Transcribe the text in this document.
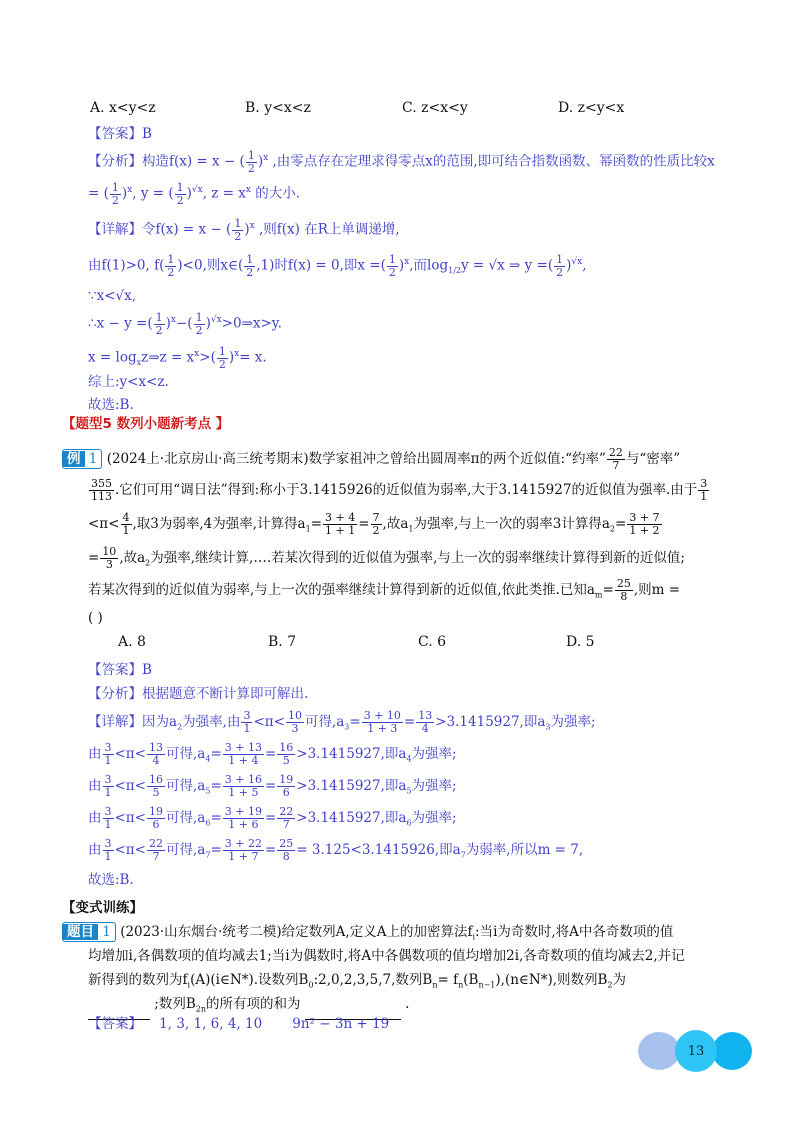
A. x<y<z	B. y<x<z	C. z<x<y	D. z<y<x
【答案】B
【分析】构造f(x) = x − ( $\frac{1}{2} )^x$ ,由零点存在定理求得零点x的范围,即可结合指数函数、幂函数的性质比较x
= ( $\frac{1}{2} )^x$, y = ( $\frac{1}{2} )^{√x}$, $z = x^x$ 的大小.
【详解】令f(x) = x − ( $\frac{1}{2} )^x$ ,则f(x) 在R上单调递增,
由f(1)>0, $f( \frac{1}{2} )<0$,则x∈( $\frac{1}{2} ,1$)时f(x) = 0,即x =( $\frac{1}{2} )^x$,而$\log_{1/2}y = √x$ ⇒ y =( $\frac{1}{2} )^{√x}$,
∵x<√x,
∴x − y =( $\frac{1}{2} )^x-( \frac{1}{2}$ )$^{√x}>0\Rightarrow x>y$.
$x = \log_xz\Rightarrow z = x^x>( \frac{1}{2} )^x= x$.
综上:y<x<z.
故选:B.
【题型5 数列小题新考点 】
例 1 (2024上·北京房山·高三统考期末)数学家祖冲之曾给出圆周率π的两个近似值:“约率” $\frac{22}{7}$ 与“密率”
$\frac{355}{113}$ .它们可用“调日法”得到:称小于3.1415926的近似值为弱率,大于3.1415927的近似值为强率.由于 $\frac{3}{1}$
$<\pi< \frac{4}{1}$ ,取3为弱率,4为强率,计算得$a_1= \frac{3 + 4}{1 + 1} = \frac{7}{2}$ ,故$a_1$为强率,与上一次的弱率3计算得$a_2= \frac{3 + 7}{1 + 2}$
= $\frac{10}{3}$ ,故$a_2$为强率,继续计算,….若某次得到的近似值为强率,与上一次的弱率继续计算得到新的近似值;
若某次得到的近似值为弱率,与上一次的强率继续计算得到新的近似值,依此类推.已知$a_m= \frac{25}{8}$ ,则m =
( )
A. 8	B. 7	C. 6	D. 5
【答案】B
【分析】根据题意不断计算即可解出.
【详解】因为$a_2$为强率,由 $\frac{3}{1} <\pi< \frac{10}{3}$ 可得$,a_3= \frac{3 + 10}{1 + 3} = \frac{13}{4} >3.1415927$,即$a_3$为强率;
由 $\frac{3}{1} <\pi< \frac{13}{4}$ 可得$,a_4= \frac{3 + 13}{1 + 4} = \frac{16}{5} >3.1415927$,即$a_4$为强率;
由 $\frac{3}{1} <\pi< \frac{16}{5}$ 可得$,a_5= \frac{3 + 16}{1 + 5} = \frac{19}{6} >3.1415927$,即$a_5$为强率;
由 $\frac{3}{1} <\pi< \frac{19}{6}$ 可得$,a_6= \frac{3 + 19}{1 + 6} = \frac{22}{7} >3.1415927$,即$a_6$为强率;
由 $\frac{3}{1} <\pi< \frac{22}{7}$ 可得$,a_7= \frac{3 + 22}{1 + 7} = \frac{25}{8} = 3.125<3.1415926$,即$a_7$为弱率,所以m = 7,
故选:B.
【变式训练】
题目 1 (2023·山东烟台·统考二模)给定数列A,定义A上的加密算法$f_i$:当i为奇数时,将A中各奇数项的值
均增加i,各偶数项的值均减去1;当i为偶数时,将A中各偶数项的值均增加2i,各奇数项的值均减去2,并记
新得到的数列为$f_i(A)(i\in N*)$.设数列$B_0:2,0,2,3,5,7$,数列$B_n=$ $f_n(B_{n-1}),(n\in N*)$,则数列$B_2$为
;数列$B_{2n}$的所有项的和为	.
【答案】 1, 3, 1, 6, 4, 10 9n² − 3n + 19
13
